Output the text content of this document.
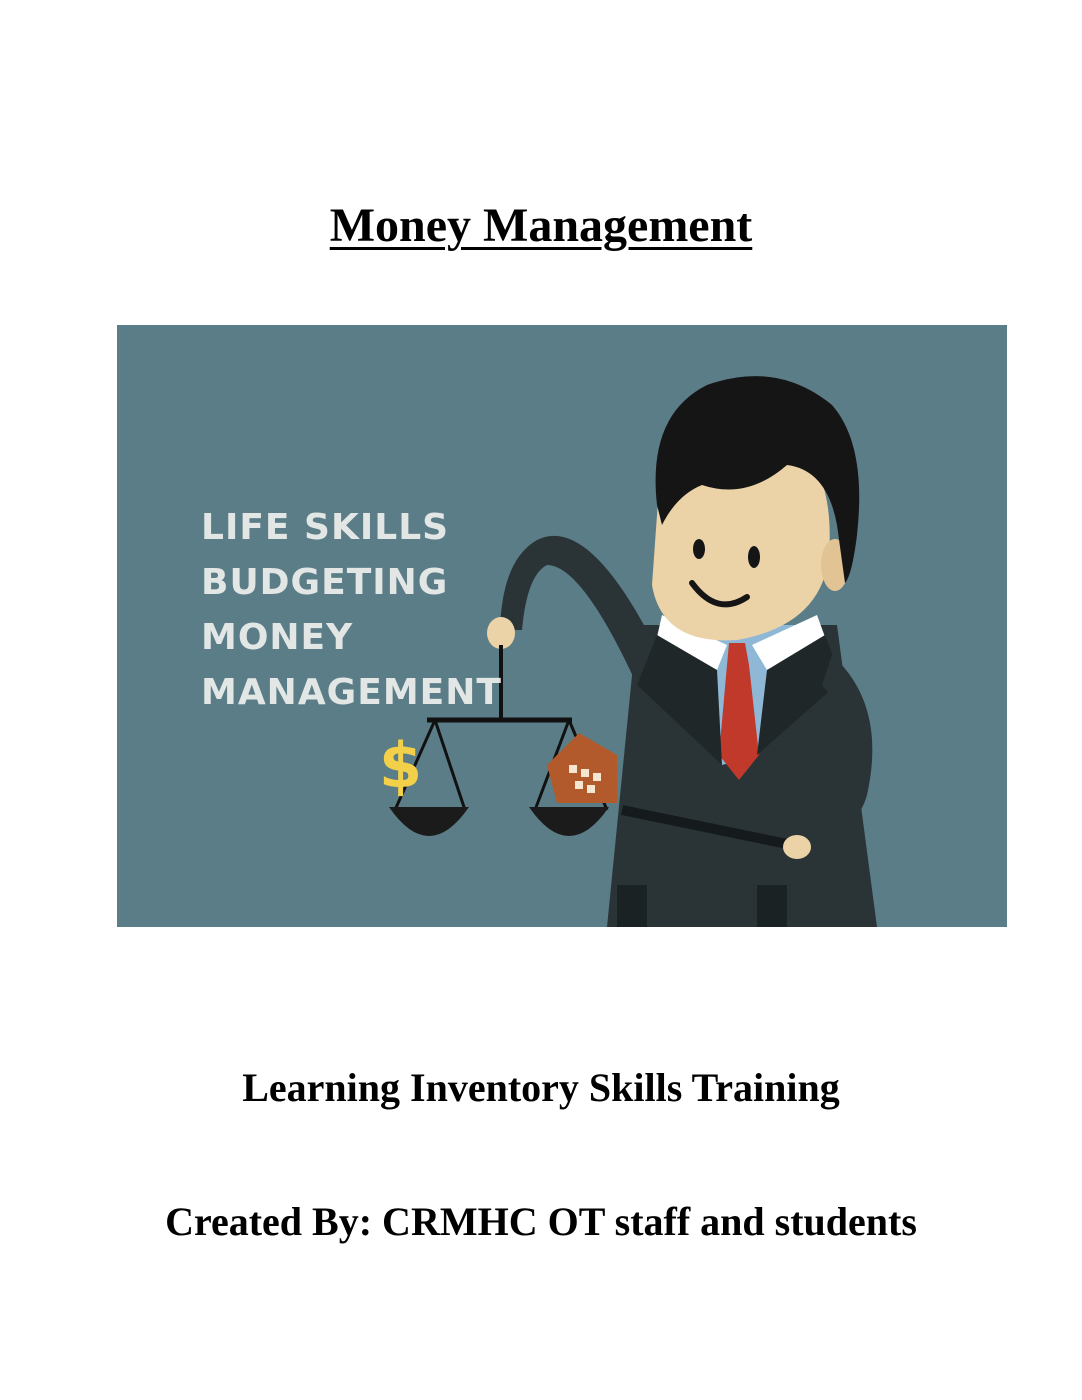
Money Management
$
LIFE SKILLS
BUDGETING
MONEY
MANAGEMENT
Learning Inventory Skills Training
Created By: CRMHC OT staff and students
